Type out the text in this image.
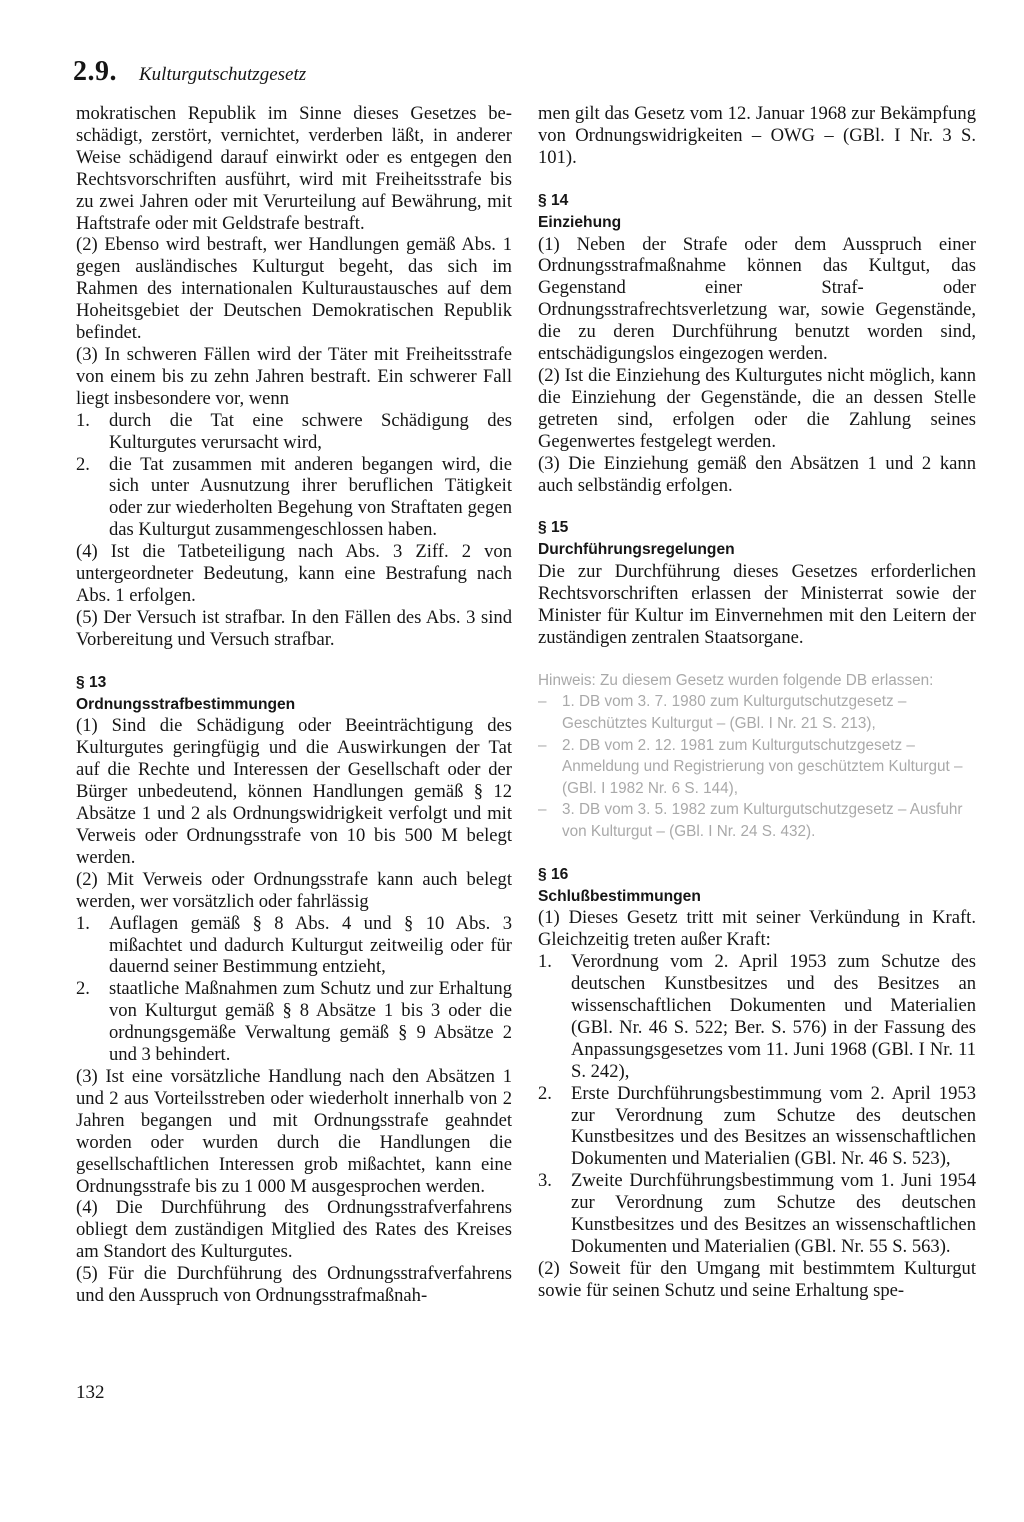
2.9. Kulturgutschutzgesetz

mokratischen Republik im Sinne dieses Gesetzes be-schädigt, zerstört, vernichtet, verderben läßt, in anderer Weise schädigend darauf einwirkt oder es entgegen den Rechtsvorschriften ausführt, wird mit Freiheitsstrafe bis zu zwei Jahren oder mit Verurteilung auf Bewährung, mit Haftstrafe oder mit Geldstrafe bestraft.

(2) Ebenso wird bestraft, wer Handlungen gemäß Abs. 1 gegen ausländisches Kulturgut begeht, das sich im Rahmen des internationalen Kulturaustausches auf dem Hoheitsgebiet der Deutschen Demokratischen Republik befindet.

(3) In schweren Fällen wird der Täter mit Freiheitsstrafe von einem bis zu zehn Jahren bestraft. Ein schwerer Fall liegt insbesondere vor, wenn

1. durch die Tat eine schwere Schädigung des Kulturgutes verursacht wird,
2. die Tat zusammen mit anderen begangen wird, die sich unter Ausnutzung ihrer beruflichen Tätigkeit oder zur wiederholten Begehung von Straftaten gegen das Kulturgut zusammengeschlossen haben.

(4) Ist die Tatbeteiligung nach Abs. 3 Ziff. 2 von untergeordneter Bedeutung, kann eine Bestrafung nach Abs. 1 erfolgen.

(5) Der Versuch ist strafbar. In den Fällen des Abs. 3 sind Vorbereitung und Versuch strafbar.

§ 13
Ordnungsstrafbestimmungen

(1) Sind die Schädigung oder Beeinträchtigung des Kulturgutes geringfügig und die Auswirkungen der Tat auf die Rechte und Interessen der Gesellschaft oder der Bürger unbedeutend, können Handlungen gemäß § 12 Absätze 1 und 2 als Ordnungswidrigkeit verfolgt und mit Verweis oder Ordnungsstrafe von 10 bis 500 M belegt werden.

(2) Mit Verweis oder Ordnungsstrafe kann auch belegt werden, wer vorsätzlich oder fahrlässig

1. Auflagen gemäß § 8 Abs. 4 und § 10 Abs. 3 mißachtet und dadurch Kulturgut zeitweilig oder für dauernd seiner Bestimmung entzieht,
2. staatliche Maßnahmen zum Schutz und zur Erhaltung von Kulturgut gemäß § 8 Absätze 1 bis 3 oder die ordnungsgemäße Verwaltung gemäß § 9 Absätze 2 und 3 behindert.

(3) Ist eine vorsätzliche Handlung nach den Absätzen 1 und 2 aus Vorteilsstreben oder wiederholt innerhalb von 2 Jahren begangen und mit Ordnungsstrafe geahndet worden oder wurden durch die Handlungen die gesellschaftlichen Interessen grob mißachtet, kann eine Ordnungsstrafe bis zu 1 000 M ausgesprochen werden.

(4) Die Durchführung des Ordnungsstrafverfahrens obliegt dem zuständigen Mitglied des Rates des Kreises am Standort des Kulturgutes.

(5) Für die Durchführung des Ordnungsstrafverfahrens und den Ausspruch von Ordnungsstrafmaßnah-

men gilt das Gesetz vom 12. Januar 1968 zur Bekämpfung von Ordnungswidrigkeiten – OWG – (GBl. I Nr. 3 S. 101).

§ 14
Einziehung

(1) Neben der Strafe oder dem Ausspruch einer Ordnungsstrafmaßnahme können das Kultgut, das Gegenstand einer Straf- oder Ordnungsstrafrechtsverletzung war, sowie Gegenstände, die zu deren Durchführung benutzt worden sind, entschädigungslos eingezogen werden.

(2) Ist die Einziehung des Kulturgutes nicht möglich, kann die Einziehung der Gegenstände, die an dessen Stelle getreten sind, erfolgen oder die Zahlung seines Gegenwertes festgelegt werden.

(3) Die Einziehung gemäß den Absätzen 1 und 2 kann auch selbständig erfolgen.

§ 15
Durchführungsregelungen

Die zur Durchführung dieses Gesetzes erforderlichen Rechtsvorschriften erlassen der Ministerrat sowie der Minister für Kultur im Einvernehmen mit den Leitern der zuständigen zentralen Staatsorgane.

Hinweis: Zu diesem Gesetz wurden folgende DB erlassen:
– 1. DB vom 3. 7. 1980 zum Kulturgutschutzgesetz – Geschütztes Kulturgut – (GBl. I Nr. 21 S. 213),
– 2. DB vom 2. 12. 1981 zum Kulturgutschutzgesetz – Anmeldung und Registrierung von geschütztem Kulturgut – (GBl. I 1982 Nr. 6 S. 144),
– 3. DB vom 3. 5. 1982 zum Kulturgutschutzgesetz – Ausfuhr von Kulturgut – (GBl. I Nr. 24 S. 432).
§ 16
Schlußbestimmungen

(1) Dieses Gesetz tritt mit seiner Verkündung in Kraft. Gleichzeitig treten außer Kraft:

1. Verordnung vom 2. April 1953 zum Schutze des deutschen Kunstbesitzes und des Besitzes an wissenschaftlichen Dokumenten und Materialien (GBl. Nr. 46 S. 522; Ber. S. 576) in der Fassung des Anpassungsgesetzes vom 11. Juni 1968 (GBl. I Nr. 11 S. 242),
2. Erste Durchführungsbestimmung vom 2. April 1953 zur Verordnung zum Schutze des deutschen Kunstbesitzes und des Besitzes an wissenschaftlichen Dokumenten und Materialien (GBl. Nr. 46 S. 523),
3. Zweite Durchführungsbestimmung vom 1. Juni 1954 zur Verordnung zum Schutze des deutschen Kunstbesitzes und des Besitzes an wissenschaftlichen Dokumenten und Materialien (GBl. Nr. 55 S. 563).

(2) Soweit für den Umgang mit bestimmtem Kulturgut sowie für seinen Schutz und seine Erhaltung spe-

132
